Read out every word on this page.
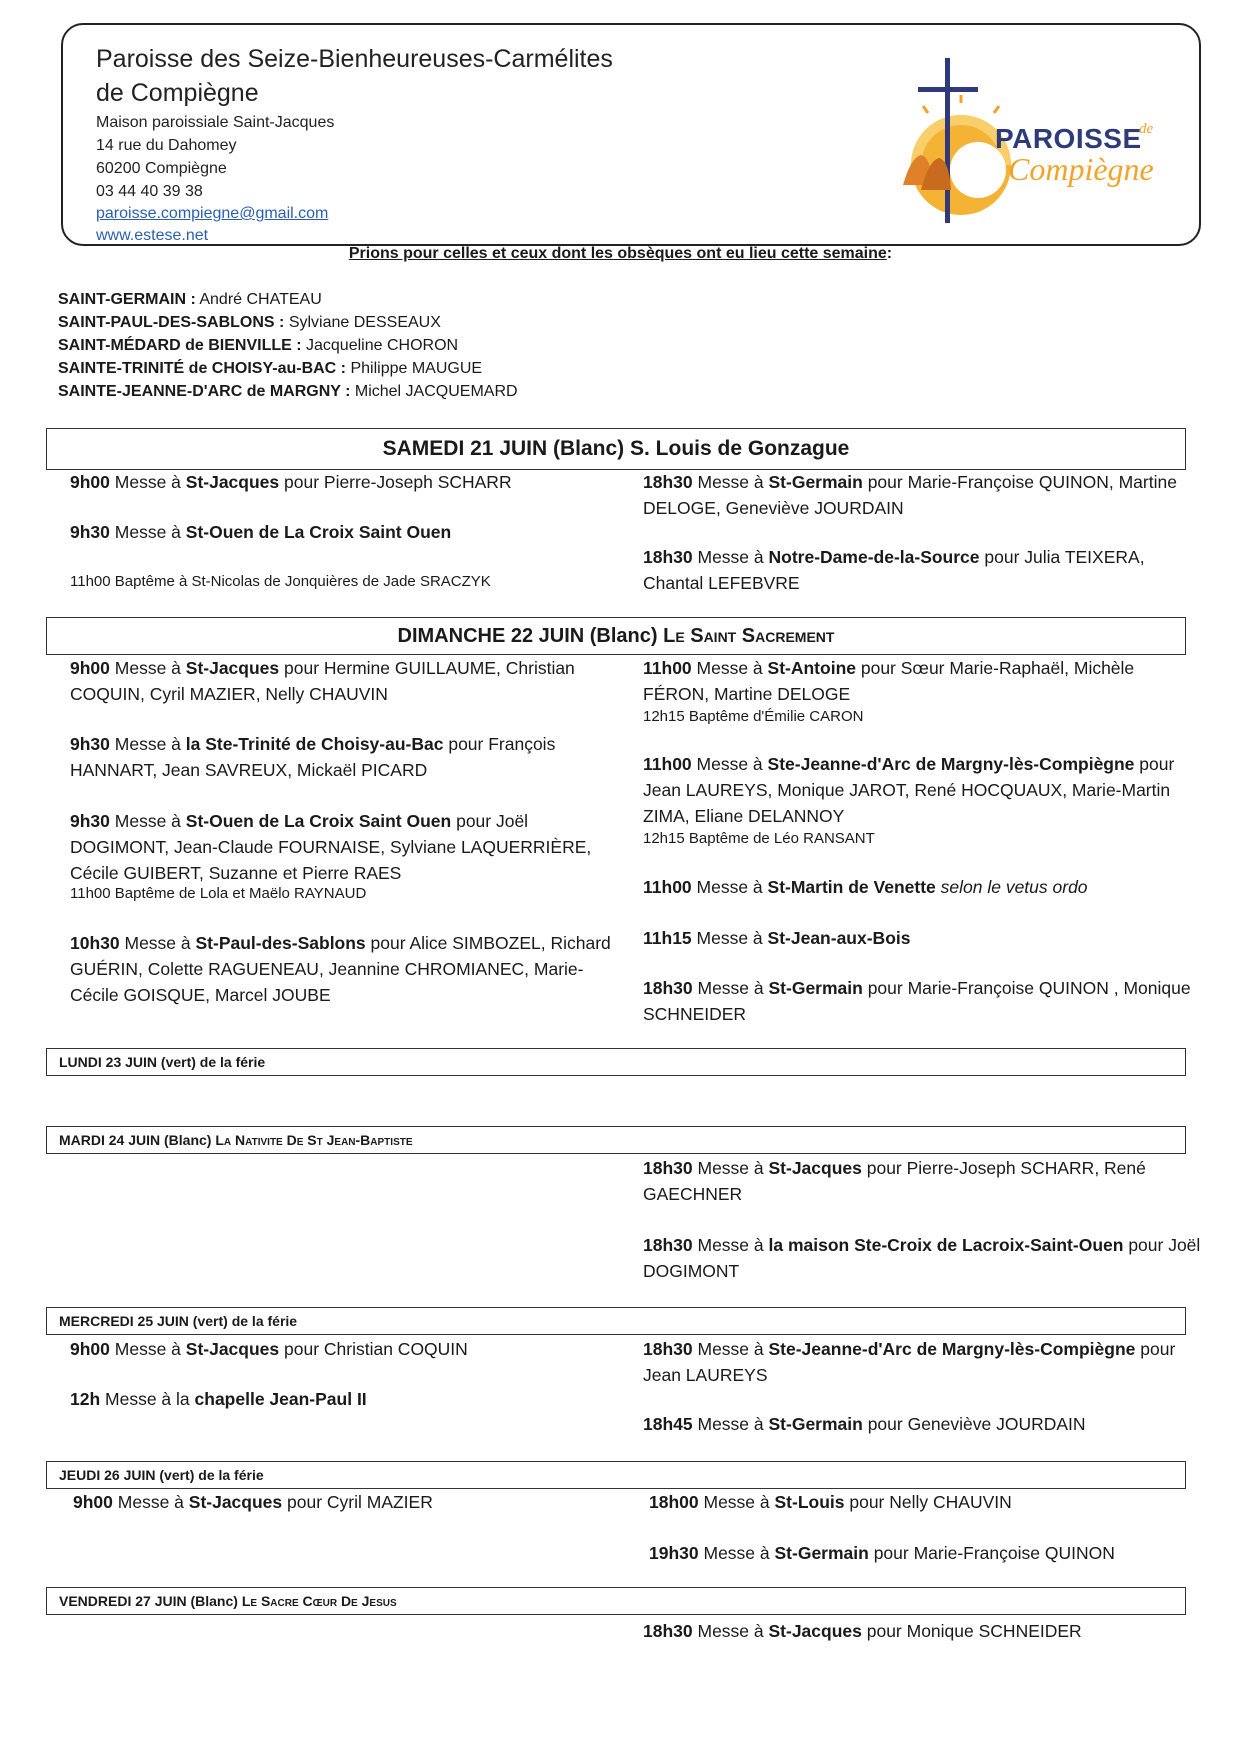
Paroisse des Seize-Bienheureuses-Carmélites
de Compiègne
Maison paroissiale Saint-Jacques
14 rue du Dahomey
60200 Compiègne
03 44 40 39 38
paroisse.compiegne@gmail.com
www.estese.net
PAROISSE
de
Compiègne
Prions pour celles et ceux dont les obsèques ont eu lieu cette semaine:
SAINT-GERMAIN : André CHATEAU
SAINT-PAUL-DES-SABLONS : Sylviane DESSEAUX
SAINT-MÉDARD de BIENVILLE : Jacqueline CHORON
SAINTE-TRINITÉ de CHOISY-au-BAC : Philippe MAUGUE
SAINTE-JEANNE-D'ARC de MARGNY : Michel JACQUEMARD
SAMEDI 21 JUIN (Blanc) S. Louis de Gonzague
9h00 Messe à St-Jacques pour Pierre-Joseph SCHARR
9h30 Messe à St-Ouen de La Croix Saint Ouen
11h00 Baptême à St-Nicolas de Jonquières de Jade SRACZYK
18h30 Messe à St-Germain pour Marie-Françoise QUINON, Martine DELOGE, Geneviève JOURDAIN
18h30 Messe à Notre-Dame-de-la-Source pour Julia TEIXERA, Chantal LEFEBVRE
DIMANCHE 22 JUIN (Blanc) Le Saint Sacrement
9h00 Messe à St-Jacques pour Hermine GUILLAUME, Christian COQUIN, Cyril MAZIER, Nelly CHAUVIN
9h30 Messe à la Ste-Trinité de Choisy-au-Bac pour François HANNART, Jean SAVREUX, Mickaël PICARD
9h30 Messe à St-Ouen de La Croix Saint Ouen pour Joël DOGIMONT, Jean-Claude FOURNAISE, Sylviane LAQUERRIÈRE, Cécile GUIBERT, Suzanne et Pierre RAES
11h00 Baptême de Lola et Maëlo RAYNAUD
10h30 Messe à St-Paul-des-Sablons pour Alice SIMBOZEL, Richard GUÉRIN, Colette RAGUENEAU, Jeannine CHROMIANEC, Marie-Cécile GOISQUE, Marcel JOUBE
11h00 Messe à St-Antoine pour Sœur Marie-Raphaël, Michèle FÉRON, Martine DELOGE
12h15 Baptême d'Émilie CARON
11h00 Messe à Ste-Jeanne-d'Arc de Margny-lès-Compiègne pour Jean LAUREYS, Monique JAROT, René HOCQUAUX, Marie-Martin ZIMA, Eliane DELANNOY
12h15 Baptême de Léo RANSANT
11h00 Messe à St-Martin de Venette selon le vetus ordo
11h15 Messe à St-Jean-aux-Bois
18h30 Messe à St-Germain pour Marie-Françoise QUINON , Monique SCHNEIDER
LUNDI 23 JUIN (vert) de la férie
MARDI 24 JUIN (Blanc) La Nativite De St Jean-Baptiste
18h30 Messe à St-Jacques pour Pierre-Joseph SCHARR, René GAECHNER
18h30 Messe à la maison Ste-Croix de Lacroix-Saint-Ouen pour Joël DOGIMONT
MERCREDI 25 JUIN (vert) de la férie
9h00 Messe à St-Jacques pour Christian COQUIN
12h Messe à la chapelle Jean-Paul II
18h30 Messe à Ste-Jeanne-d'Arc de Margny-lès-Compiègne pour Jean LAUREYS
18h45 Messe à St-Germain pour Geneviève JOURDAIN
JEUDI 26 JUIN (vert) de la férie
9h00 Messe à St-Jacques pour Cyril MAZIER	18h00 Messe à St-Louis pour Nelly CHAUVIN
19h30 Messe à St-Germain pour Marie-Françoise QUINON
VENDREDI 27 JUIN (Blanc) Le Sacre Cœur De Jesus
18h30 Messe à St-Jacques pour Monique SCHNEIDER
